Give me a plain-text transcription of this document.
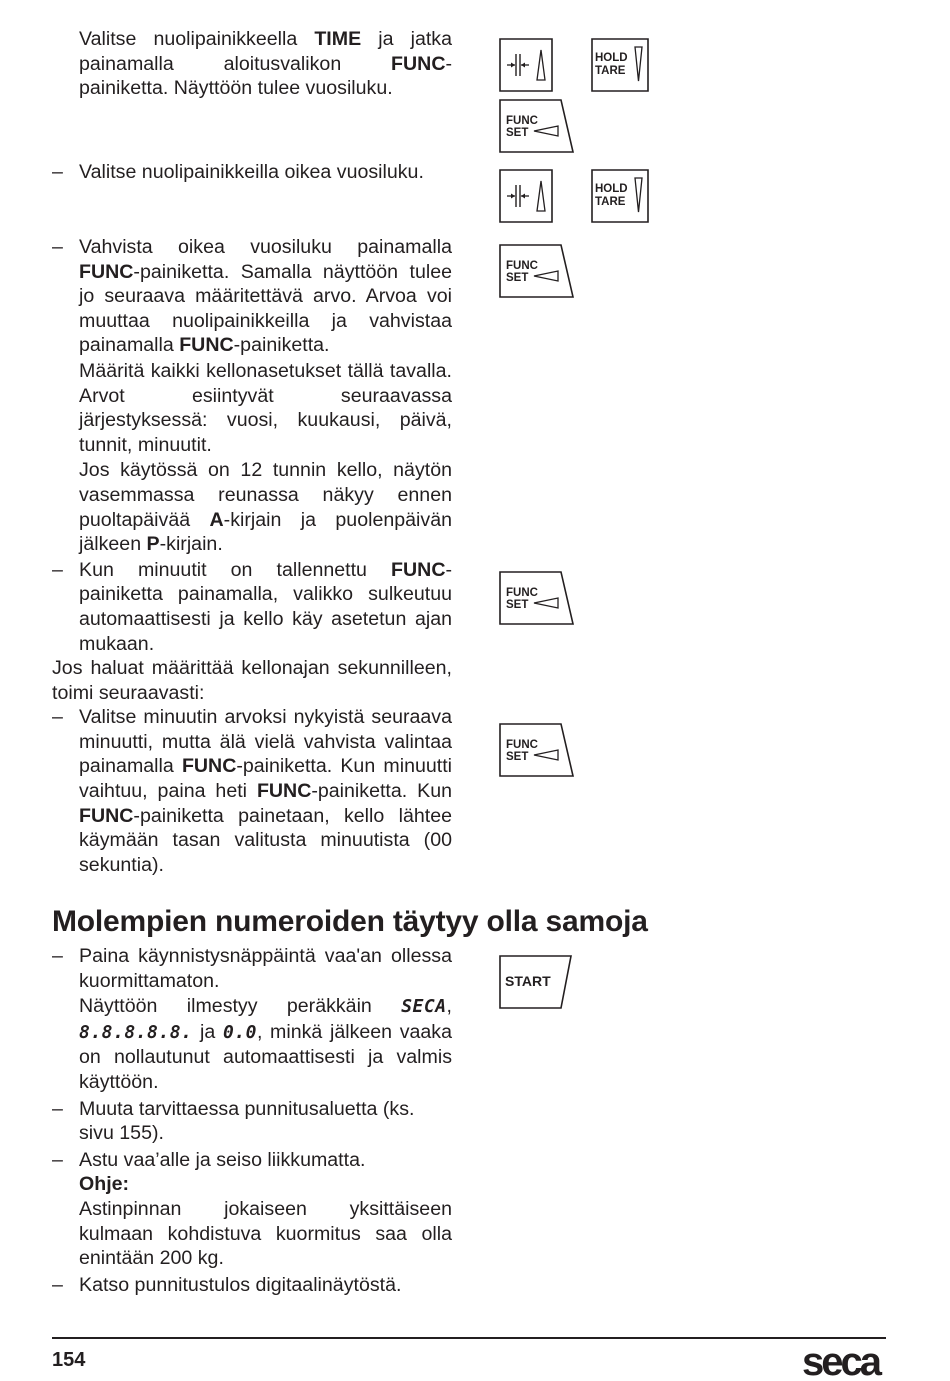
Valitse nuolipainikkeella TIME ja jatka painamalla aloitusvalikon FUNC-painiketta. Näyttöön tulee vuosiluku.
– Valitse nuolipainikkeilla oikea vuosiluku.
– Vahvista oikea vuosiluku painamalla FUNC-painiketta. Samalla näyttöön tulee jo seuraava määritettävä arvo. Arvoa voi muuttaa nuolipainikkeilla ja vahvistaa painamalla FUNC-painiketta.
Määritä kaikki kellonasetukset tällä tavalla. Arvot esiintyvät seuraavassa järjestyksessä: vuosi, kuukausi, päivä, tunnit, minuutit.
Jos käytössä on 12 tunnin kello, näytön vasemmassa reunassa näkyy ennen puoltapäivää A-kirjain ja puolenpäivän jälkeen P-kirjain.
– Kun minuutit on tallennettu FUNC-painiketta painamalla, valikko sulkeutuu automaattisesti ja kello käy asetetun ajan mukaan.
Jos haluat määrittää kellonajan sekunnilleen, toimi seuraavasti:
– Valitse minuutin arvoksi nykyistä seuraava minuutti, mutta älä vielä vahvista valintaa painamalla FUNC-painiketta. Kun minuutti vaihtuu, paina heti FUNC-painiketta. Kun FUNC-painiketta painetaan, kello lähtee käymään tasan valitusta minuutista (00 sekuntia).
Molempien numeroiden täytyy olla samoja
– Paina käynnistysnäppäintä vaa'an ollessa kuormittamaton.
Näyttöön ilmestyy peräkkäin SECA, 8.8.8.8.8. ja 0.0, minkä jälkeen vaaka on nollautunut automaattisesti ja valmis käyttöön.
– Muuta tarvittaessa punnitusaluetta (ks. sivu 155).
– Astu vaa’alle ja seiso liikkumatta.
Ohje:
Astinpinnan jokaiseen yksittäiseen kulmaan kohdistuva kuormitus saa olla enintään 200 kg.
– Katso punnitustulos digitaalinäytöstä.
HOLD
TARE
FUNC
SET
HOLD
TARE
FUNC
SET
FUNC
SET
FUNC
SET
START
154	seca
